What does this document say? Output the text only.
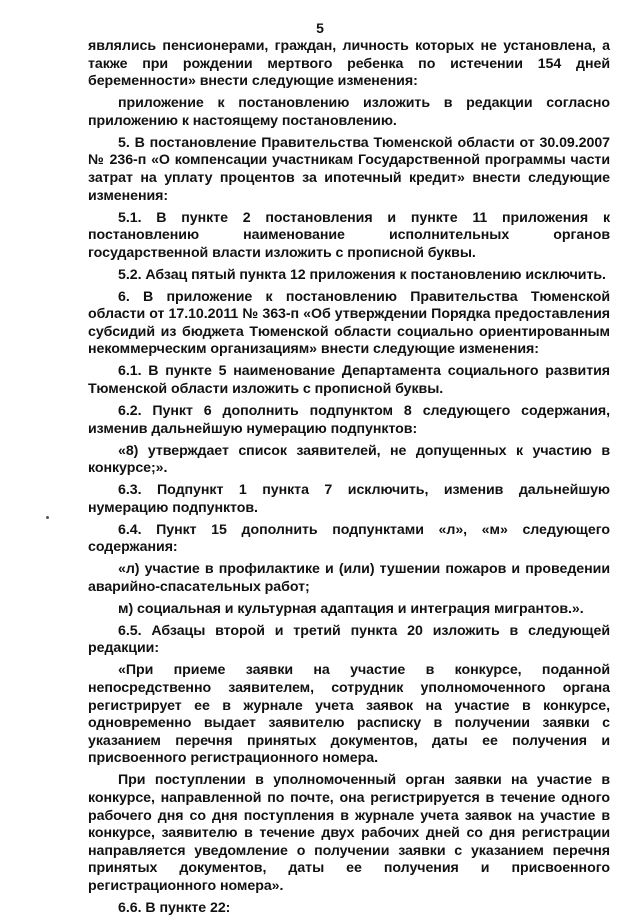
5

являлись пенсионерами, граждан, личность которых не установлена, а также при рождении мертвого ребенка по истечении 154 дней беременности» внести следующие изменения:

приложение к постановлению изложить в редакции согласно приложению к настоящему постановлению.

5. В постановление Правительства Тюменской области от 30.09.2007 № 236-п «О компенсации участникам Государственной программы части затрат на уплату процентов за ипотечный кредит» внести следующие изменения:

5.1. В пункте 2 постановления и пункте 11 приложения к постановлению наименование исполнительных органов государственной власти изложить с прописной буквы.

5.2. Абзац пятый пункта 12 приложения к постановлению исключить.

6. В приложение к постановлению Правительства Тюменской области от 17.10.2011 № 363-п «Об утверждении Порядка предоставления субсидий из бюджета Тюменской области социально ориентированным некоммерческим организациям» внести следующие изменения:

6.1. В пункте 5 наименование Департамента социального развития Тюменской области изложить с прописной буквы.

6.2. Пункт 6 дополнить подпунктом 8 следующего содержания, изменив дальнейшую нумерацию подпунктов:

«8) утверждает список заявителей, не допущенных к участию в конкурсе;».

6.3. Подпункт 1 пункта 7 исключить, изменив дальнейшую нумерацию подпунктов.

6.4. Пункт 15 дополнить подпунктами «л», «м» следующего содержания:

«л) участие в профилактике и (или) тушении пожаров и проведении аварийно-спасательных работ;

м) социальная и культурная адаптация и интеграция мигрантов.».

6.5. Абзацы второй и третий пункта 20 изложить в следующей редакции:

«При приеме заявки на участие в конкурсе, поданной непосредственно заявителем, сотрудник уполномоченного органа регистрирует ее в журнале учета заявок на участие в конкурсе, одновременно выдает заявителю расписку в получении заявки с указанием перечня принятых документов, даты ее получения и присвоенного регистрационного номера.

При поступлении в уполномоченный орган заявки на участие в конкурсе, направленной по почте, она регистрируется в течение одного рабочего дня со дня поступления в журнале учета заявок на участие в конкурсе, заявителю в течение двух рабочих дней со дня регистрации направляется уведомление о получении заявки с указанием перечня принятых документов, даты ее получения и присвоенного регистрационного номера».

6.6. В пункте 22:
